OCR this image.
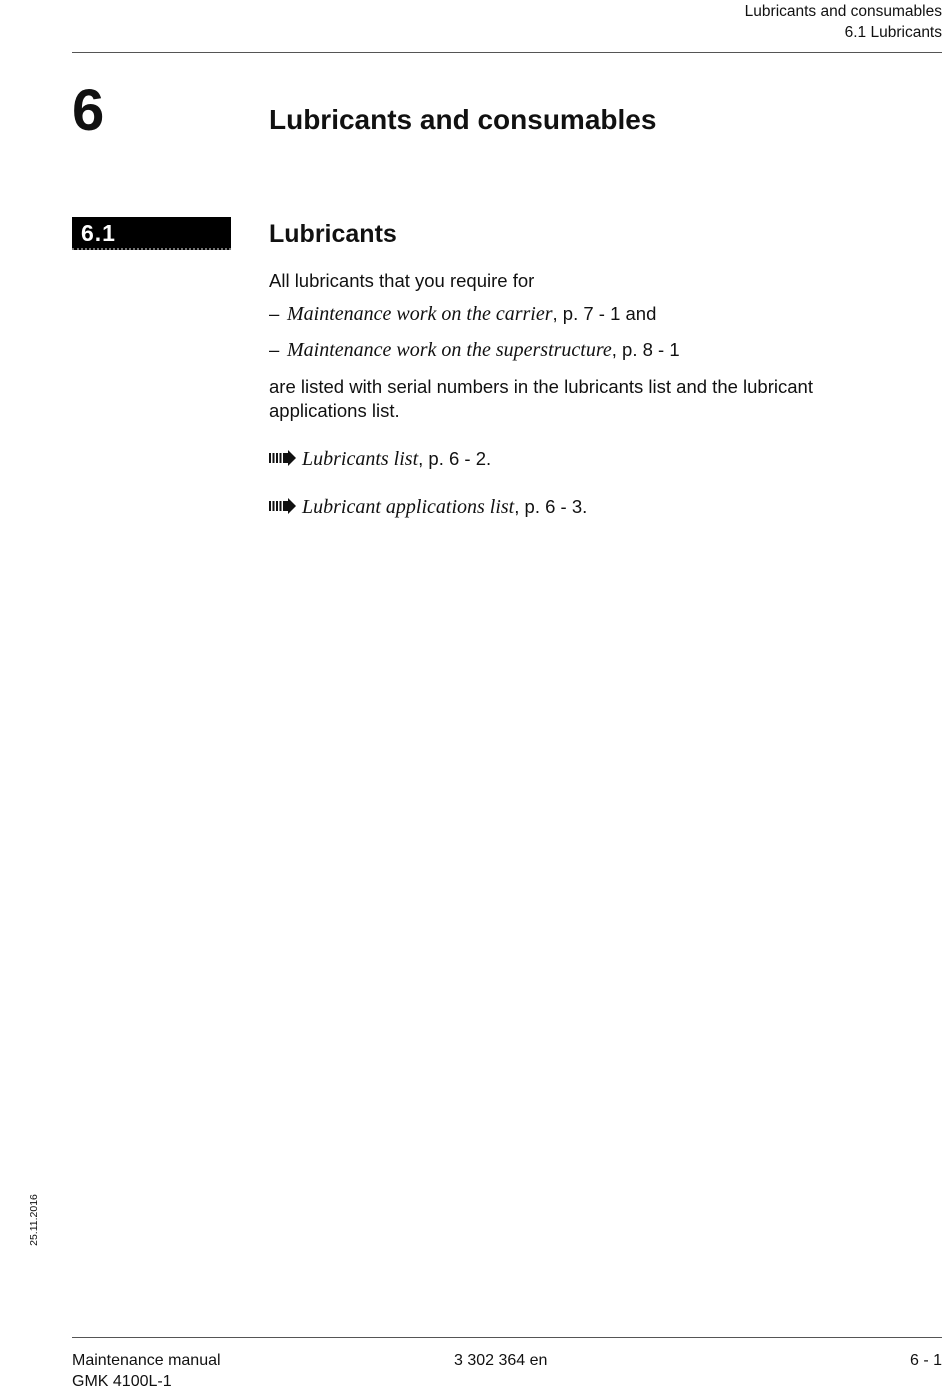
Lubricants and consumables
6.1 Lubricants
6	Lubricants and consumables
6.1	Lubricants
All lubricants that you require for
– Maintenance work on the carrier, p. 7 - 1 and
– Maintenance work on the superstructure, p. 8 - 1
are listed with serial numbers in the lubricants list and the lubricant applications list.
Lubricants list, p. 6 - 2.
Lubricant applications list, p. 6 - 3.
25.11.2016
Maintenance manual
GMK 4100L-1
3 302 364 en	6 - 1
